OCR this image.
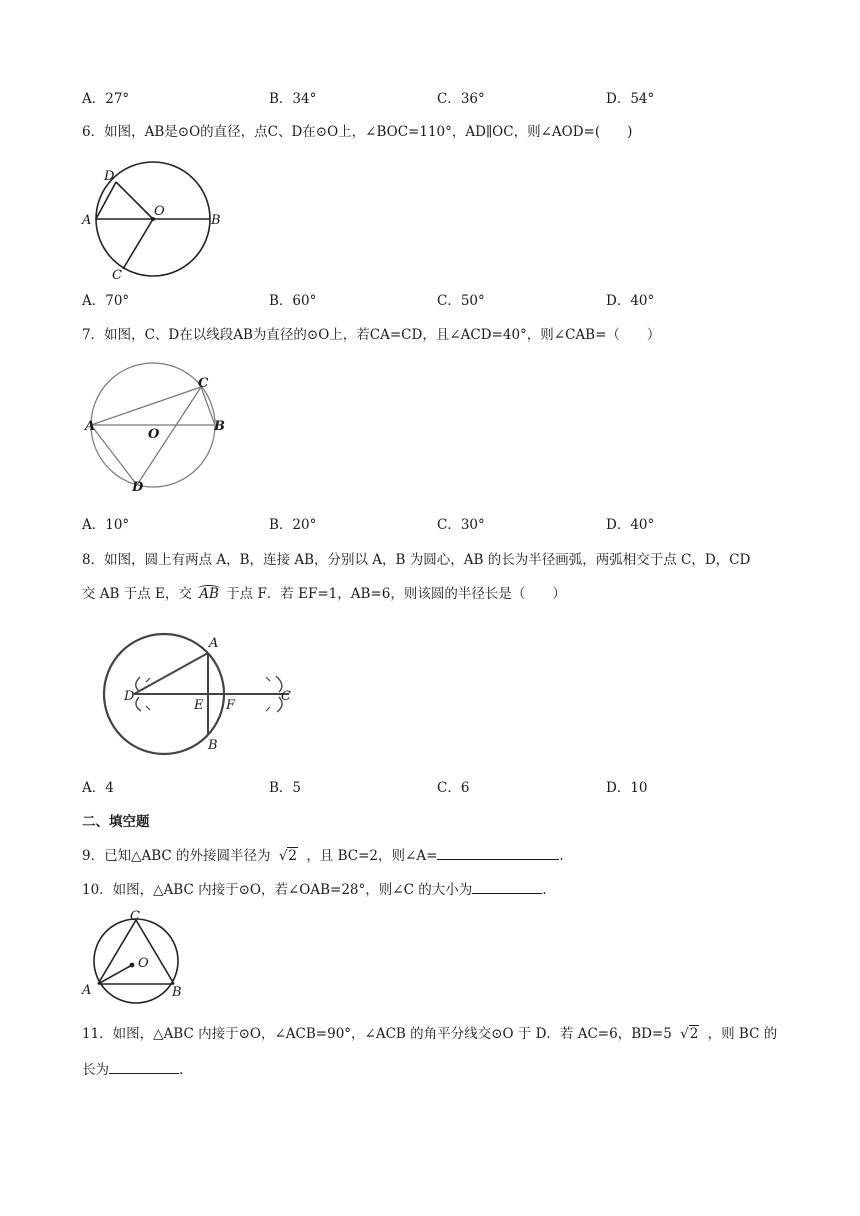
A．27°	B．34°	C．36°	D．54°
6．如图，AB是⊙O的直径，点C、D在⊙O上，∠BOC=110°，AD∥OC，则∠AOD=(　　)
D
A
O
B
C
A．70°	B．60°	C．50°	D．40°
7．如图，C、D在以线段AB为直径的⊙O上，若CA=CD，且∠ACD=40°，则∠CAB=（　　）
C
A
O
B
D
A．10°	B．20°	C．30°	D．40°
8．如图，圆上有两点 A，B，连接 AB，分别以 A，B 为圆心，AB 的长为半径画弧，两弧相交于点 C，D，CD
交 AB 于点 E，交 AB 于点 F．若 EF=1，AB=6，则该圆的半径长是（　　）
A
D
E F
C
B
A．4	B．5	C．6	D．10
二、填空题
9．已知△ABC 的外接圆半径为 √2 ，且 BC=2，则∠A=	.
10．如图，△ABC 内接于⊙O，若∠OAB=28°，则∠C 的大小为	.
C
O
A	B
11．如图，△ABC 内接于⊙O，∠ACB=90°，∠ACB 的角平分线交⊙O 于 D．若 AC=6，BD=5 √2 ，则 BC 的
长为	.
